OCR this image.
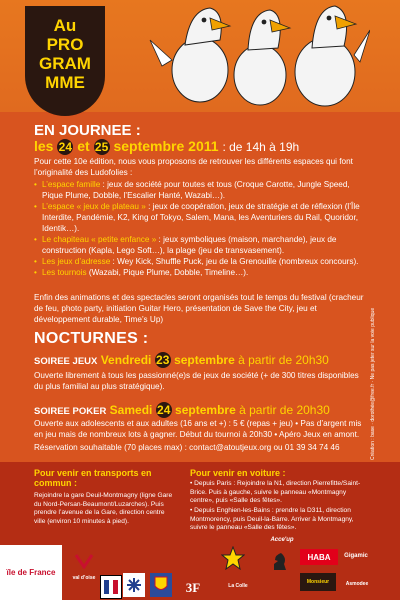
Au
PRO
GRAM
MME
EN JOURNEE :
les 24 et 25 septembre 2011 : de 14h à 19h
Pour cette 10e édition, nous vous proposons de retrouver les différents espaces qui font l’originalité des Ludofolies :
• L’espace famille : jeux de société pour toutes et tous (Croque Carotte, Jungle Speed, Pique Plume, Dobble, l’Escalier Hanté, Wazabi…).
• L’espace « jeux de plateau » : jeux de coopération, jeux de stratégie et de réflexion (l’Île Interdite, Pandémie, K2, King of Tokyo, Salem, Mana, les Aventuriers du Rail, Quoridor, Identik…).
• Le chapiteau « petite enfance » : jeux symboliques (maison, marchande), jeux de construction (Kapla, Lego Soft…), la plage (jeu de transvasement).
• Les jeux d’adresse : Wey Kick, Shuffle Puck, jeu de la Grenouille (nombreux concours).
• Les tournois (Wazabi, Pique Plume, Dobble, Timeline…).
Enfin des animations et des spectacles seront organisés tout le temps du festival (cracheur de feu, photo party, initiation Guitar Hero, présentation de Save the City, jeu et développement durable, Time’s Up)
NOCTURNES :
SOIREE JEUX Vendredi 23 septembre à partir de 20h30
Ouverte librement à tous les passionné(e)s de jeux de société (+ de 300 titres disponibles du plus familial au plus stratégique).
SOIREE POKER Samedi 24 septembre à partir de 20h30
Ouverte aux adolescents et aux adultes (16 ans et +) : 5 € (repas + jeu) • Pas d’argent mis en jeu mais de nombreux lots à gagner. Début du tournoi à 20h30 • Apéro Jeux en amont.
Réservation souhaitable (70 places max) : contact@atoutjeux.org ou 01 39 34 74 46	Création : base · dorothée@free.fr · Ne pas jeter sur la voie publique
Pour venir en transports en commun :
Rejoindre la gare Deuil-Montmagny (ligne Gare du Nord-Persan-Beaumont/Luzarches). Puis prendre l’avenue de la Gare, direction centre ville (environ 10 minutes à pied).
Pour venir en voiture :
• Depuis Paris : Rejoindre la N1, direction Pierrefitte/Saint-Brice. Puis à gauche, suivre le panneau «Montmagny centre», puis «Salle des fêtes».
• Depuis Enghien-les-Bains : prendre la D311, direction Montmorency, puis Deuil-la-Barre. Arriver à Montmagny, suivre le panneau «Salle des fêtes».
ïle de France
val d’oise
3F	La Colle
HABA	Gigamic
Acce'up
Monsieur	Asmodee
